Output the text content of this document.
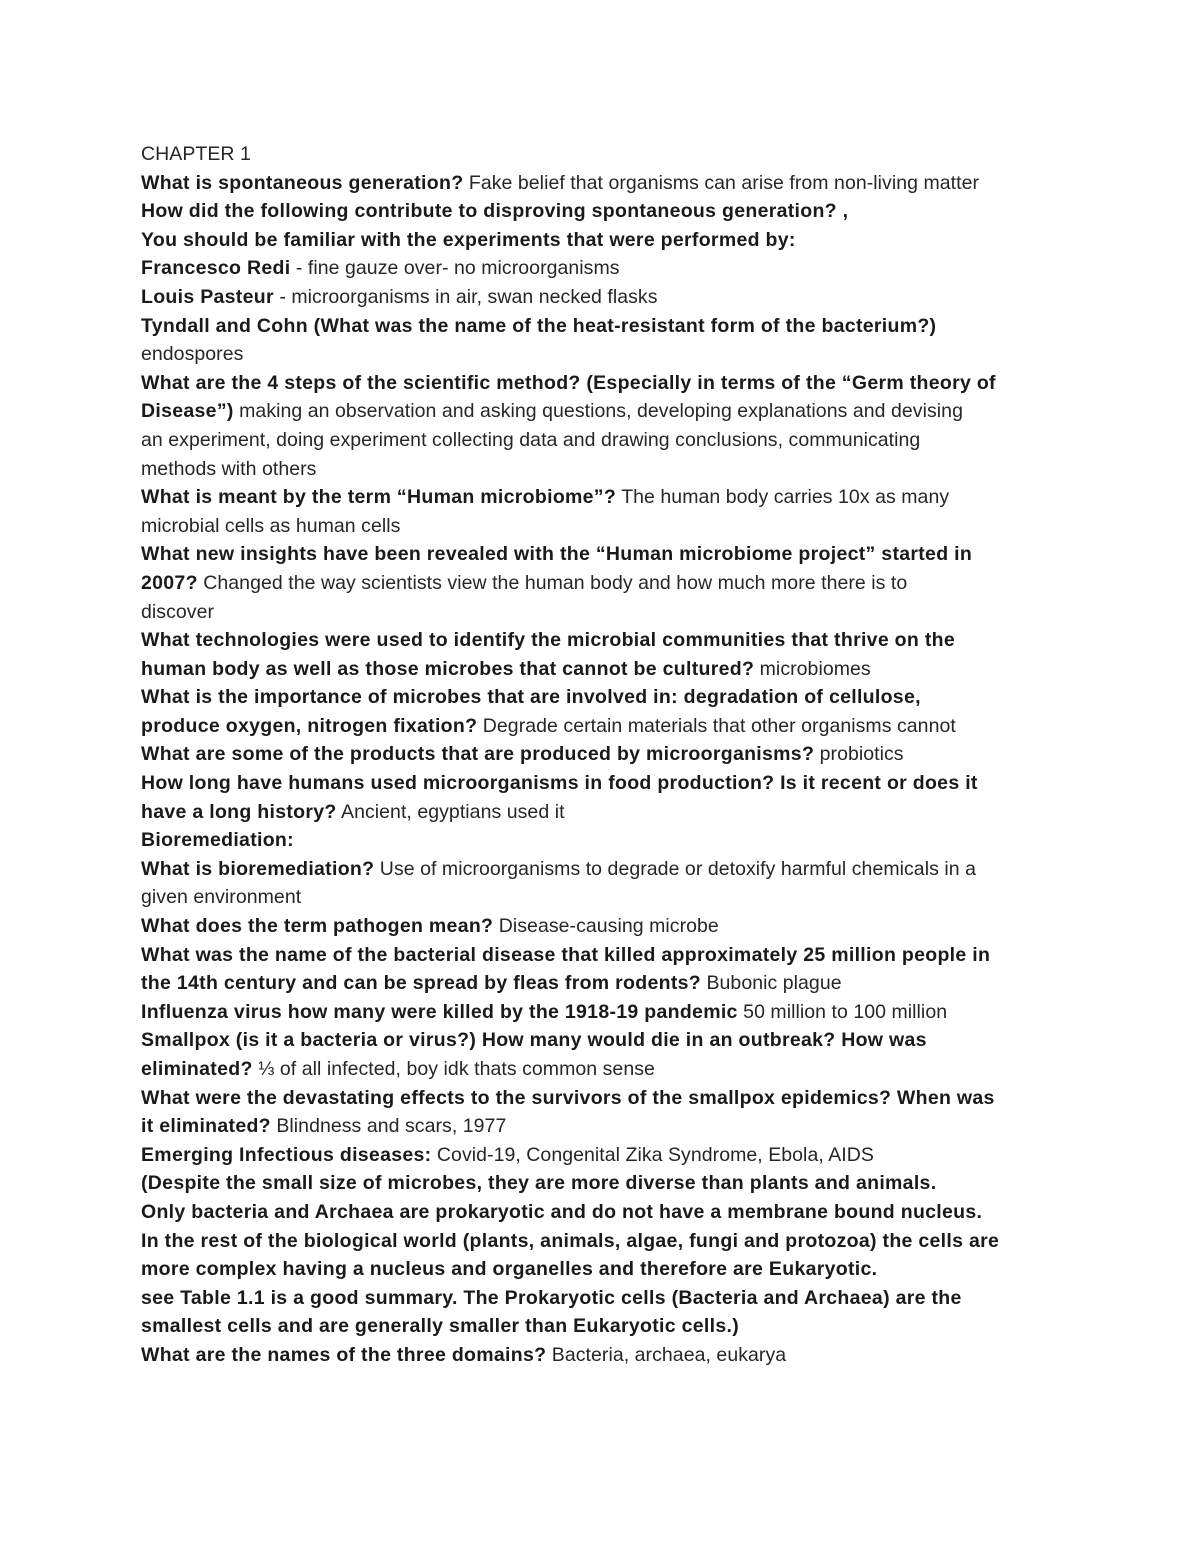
CHAPTER 1
What is spontaneous generation? Fake belief that organisms can arise from non-living matter
How did the following contribute to disproving spontaneous generation? ,
You should be familiar with the experiments that were performed by:
Francesco Redi - fine gauze over- no microorganisms
Louis Pasteur - microorganisms in air, swan necked flasks
Tyndall and Cohn (What was the name of the heat-resistant form of the bacterium?)
endospores
What are the 4 steps of the scientific method? (Especially in terms of the “Germ theory of
Disease”) making an observation and asking questions, developing explanations and devising
an experiment, doing experiment collecting data and drawing conclusions, communicating
methods with others
What is meant by the term “Human microbiome”? The human body carries 10x as many
microbial cells as human cells
What new insights have been revealed with the “Human microbiome project” started in
2007? Changed the way scientists view the human body and how much more there is to
discover
What technologies were used to identify the microbial communities that thrive on the
human body as well as those microbes that cannot be cultured? microbiomes
What is the importance of microbes that are involved in: degradation of cellulose,
produce oxygen, nitrogen fixation? Degrade certain materials that other organisms cannot
What are some of the products that are produced by microorganisms? probiotics
How long have humans used microorganisms in food production? Is it recent or does it
have a long history? Ancient, egyptians used it
Bioremediation:
What is bioremediation? Use of microorganisms to degrade or detoxify harmful chemicals in a
given environment
What does the term pathogen mean? Disease-causing microbe
What was the name of the bacterial disease that killed approximately 25 million people in
the 14th century and can be spread by fleas from rodents? Bubonic plague
Influenza virus how many were killed by the 1918-19 pandemic 50 million to 100 million
Smallpox (is it a bacteria or virus?) How many would die in an outbreak? How was
eliminated? ⅓ of all infected, boy idk thats common sense
What were the devastating effects to the survivors of the smallpox epidemics? When was
it eliminated? Blindness and scars, 1977
Emerging Infectious diseases: Covid-19, Congenital Zika Syndrome, Ebola, AIDS
(Despite the small size of microbes, they are more diverse than plants and animals.
Only bacteria and Archaea are prokaryotic and do not have a membrane bound nucleus.
In the rest of the biological world (plants, animals, algae, fungi and protozoa) the cells are
more complex having a nucleus and organelles and therefore are Eukaryotic.
see Table 1.1 is a good summary. The Prokaryotic cells (Bacteria and Archaea) are the
smallest cells and are generally smaller than Eukaryotic cells.)
What are the names of the three domains? Bacteria, archaea, eukarya
